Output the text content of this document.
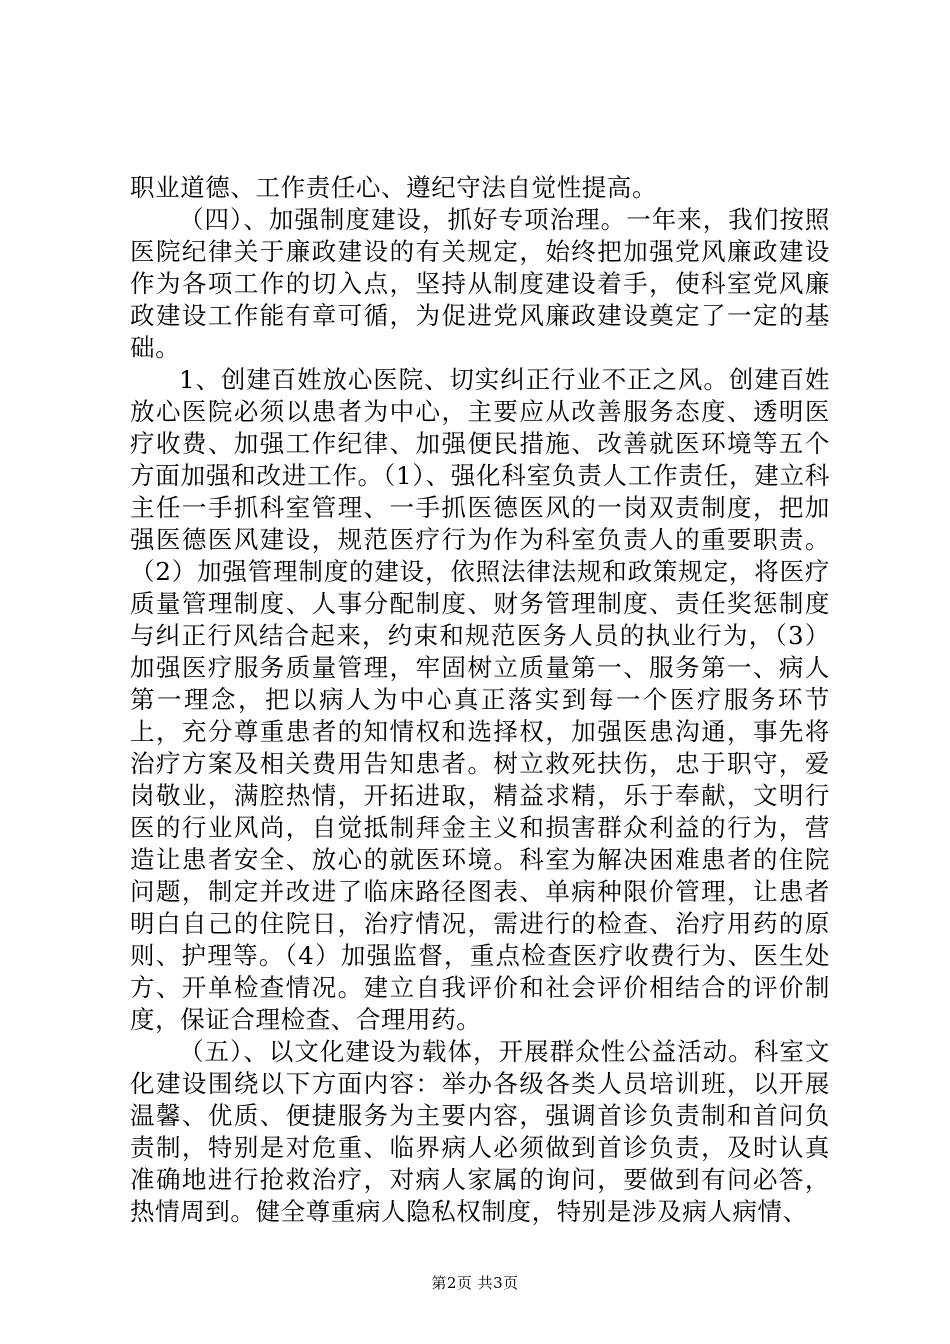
职业道德、工作责任心、遵纪守法自觉性提高。

（四）、加强制度建设，抓好专项治理。一年来，我们按照医院纪律关于廉政建设的有关规定，始终把加强党风廉政建设作为各项工作的切入点，坚持从制度建设着手，使科室党风廉政建设工作能有章可循，为促进党风廉政建设奠定了一定的基础。

1、创建百姓放心医院、切实纠正行业不正之风。创建百姓放心医院必须以患者为中心，主要应从改善服务态度、透明医疗收费、加强工作纪律、加强便民措施、改善就医环境等五个方面加强和改进工作。（1）、强化科室负责人工作责任，建立科主任一手抓科室管理、一手抓医德医风的一岗双责制度，把加强医德医风建设，规范医疗行为作为科室负责人的重要职责。（2）加强管理制度的建设，依照法律法规和政策规定，将医疗质量管理制度、人事分配制度、财务管理制度、责任奖惩制度与纠正行风结合起来，约束和规范医务人员的执业行为，（3）加强医疗服务质量管理，牢固树立质量第一、服务第一、病人第一理念，把以病人为中心真正落实到每一个医疗服务环节上，充分尊重患者的知情权和选择权，加强医患沟通，事先将治疗方案及相关费用告知患者。树立救死扶伤，忠于职守，爱岗敬业，满腔热情，开拓进取，精益求精，乐于奉献，文明行医的行业风尚，自觉抵制拜金主义和损害群众利益的行为，营造让患者安全、放心的就医环境。科室为解决困难患者的住院问题，制定并改进了临床路径图表、单病种限价管理，让患者明白自己的住院日，治疗情况，需进行的检查、治疗用药的原则、护理等。（4）加强监督，重点检查医疗收费行为、医生处方、开单检查情况。建立自我评价和社会评价相结合的评价制度，保证合理检查、合理用药。

（五）、以文化建设为载体，开展群众性公益活动。科室文化建设围绕以下方面内容：举办各级各类人员培训班，以开展温馨、优质、便捷服务为主要内容，强调首诊负责制和首问负责制，特别是对危重、临界病人必须做到首诊负责，及时认真准确地进行抢救治疗，对病人家属的询问，要做到有问必答，热情周到。健全尊重病人隐私权制度，特别是涉及病人病情、

第2页 共3页
